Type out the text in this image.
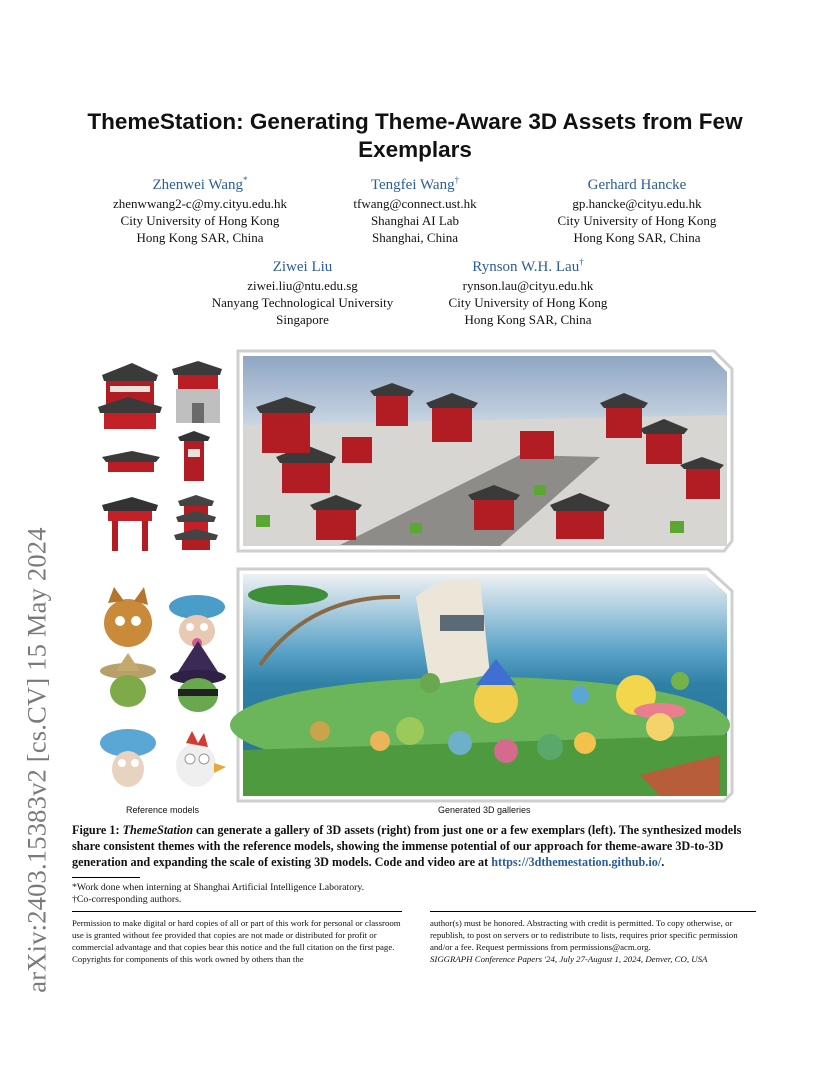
arXiv:2403.15383v2 [cs.CV] 15 May 2024
ThemeStation: Generating Theme-Aware 3D Assets from Few Exemplars
Zhenwei Wang*
zhenwwang2-c@my.cityu.edu.hk
City University of Hong Kong
Hong Kong SAR, China
Tengfei Wang†
tfwang@connect.ust.hk
Shanghai AI Lab
Shanghai, China
Gerhard Hancke
gp.hancke@cityu.edu.hk
City University of Hong Kong
Hong Kong SAR, China
Ziwei Liu
ziwei.liu@ntu.edu.sg
Nanyang Technological University
Singapore
Rynson W.H. Lau†
rynson.lau@cityu.edu.hk
City University of Hong Kong
Hong Kong SAR, China
Reference models	Generated 3D galleries
Figure 1: ThemeStation can generate a gallery of 3D assets (right) from just one or a few exemplars (left). The synthesized models share consistent themes with the reference models, showing the immense potential of our approach for theme-aware 3D-to-3D generation and expanding the scale of existing 3D models. Code and video are at https://3dthemestation.github.io/.
*Work done when interning at Shanghai Artificial Intelligence Laboratory.
†Co-corresponding authors.
Permission to make digital or hard copies of all or part of this work for personal or classroom use is granted without fee provided that copies are not made or distributed for profit or commercial advantage and that copies bear this notice and the full citation on the first page. Copyrights for components of this work owned by others than the
author(s) must be honored. Abstracting with credit is permitted. To copy otherwise, or republish, to post on servers or to redistribute to lists, requires prior specific permission and/or a fee. Request permissions from permissions@acm.org.
SIGGRAPH Conference Papers '24, July 27-August 1, 2024, Denver, CO, USA
